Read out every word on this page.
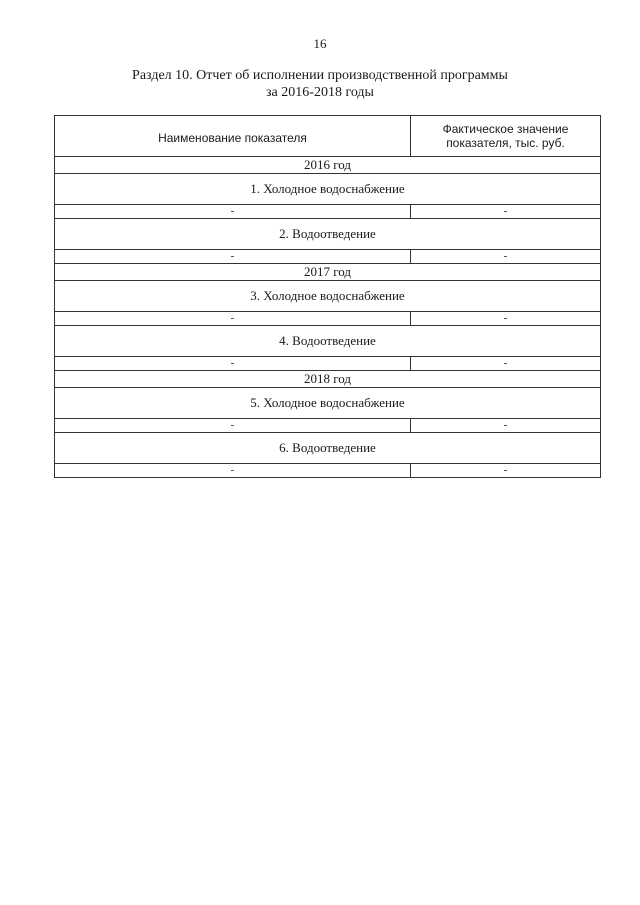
16
Раздел 10. Отчет об исполнении производственной программы
за 2016-2018 годы
Наименование показателя	Фактическое значение показателя, тыс. руб.
2016 год	
1. Холодное водоснабжение	
-	-
2. Водоотведение	
-	-
2017 год	
3. Холодное водоснабжение	
-	-
4. Водоотведение	
-	-
2018 год	
5. Холодное водоснабжение	
-	-
6. Водоотведение	
-	-
